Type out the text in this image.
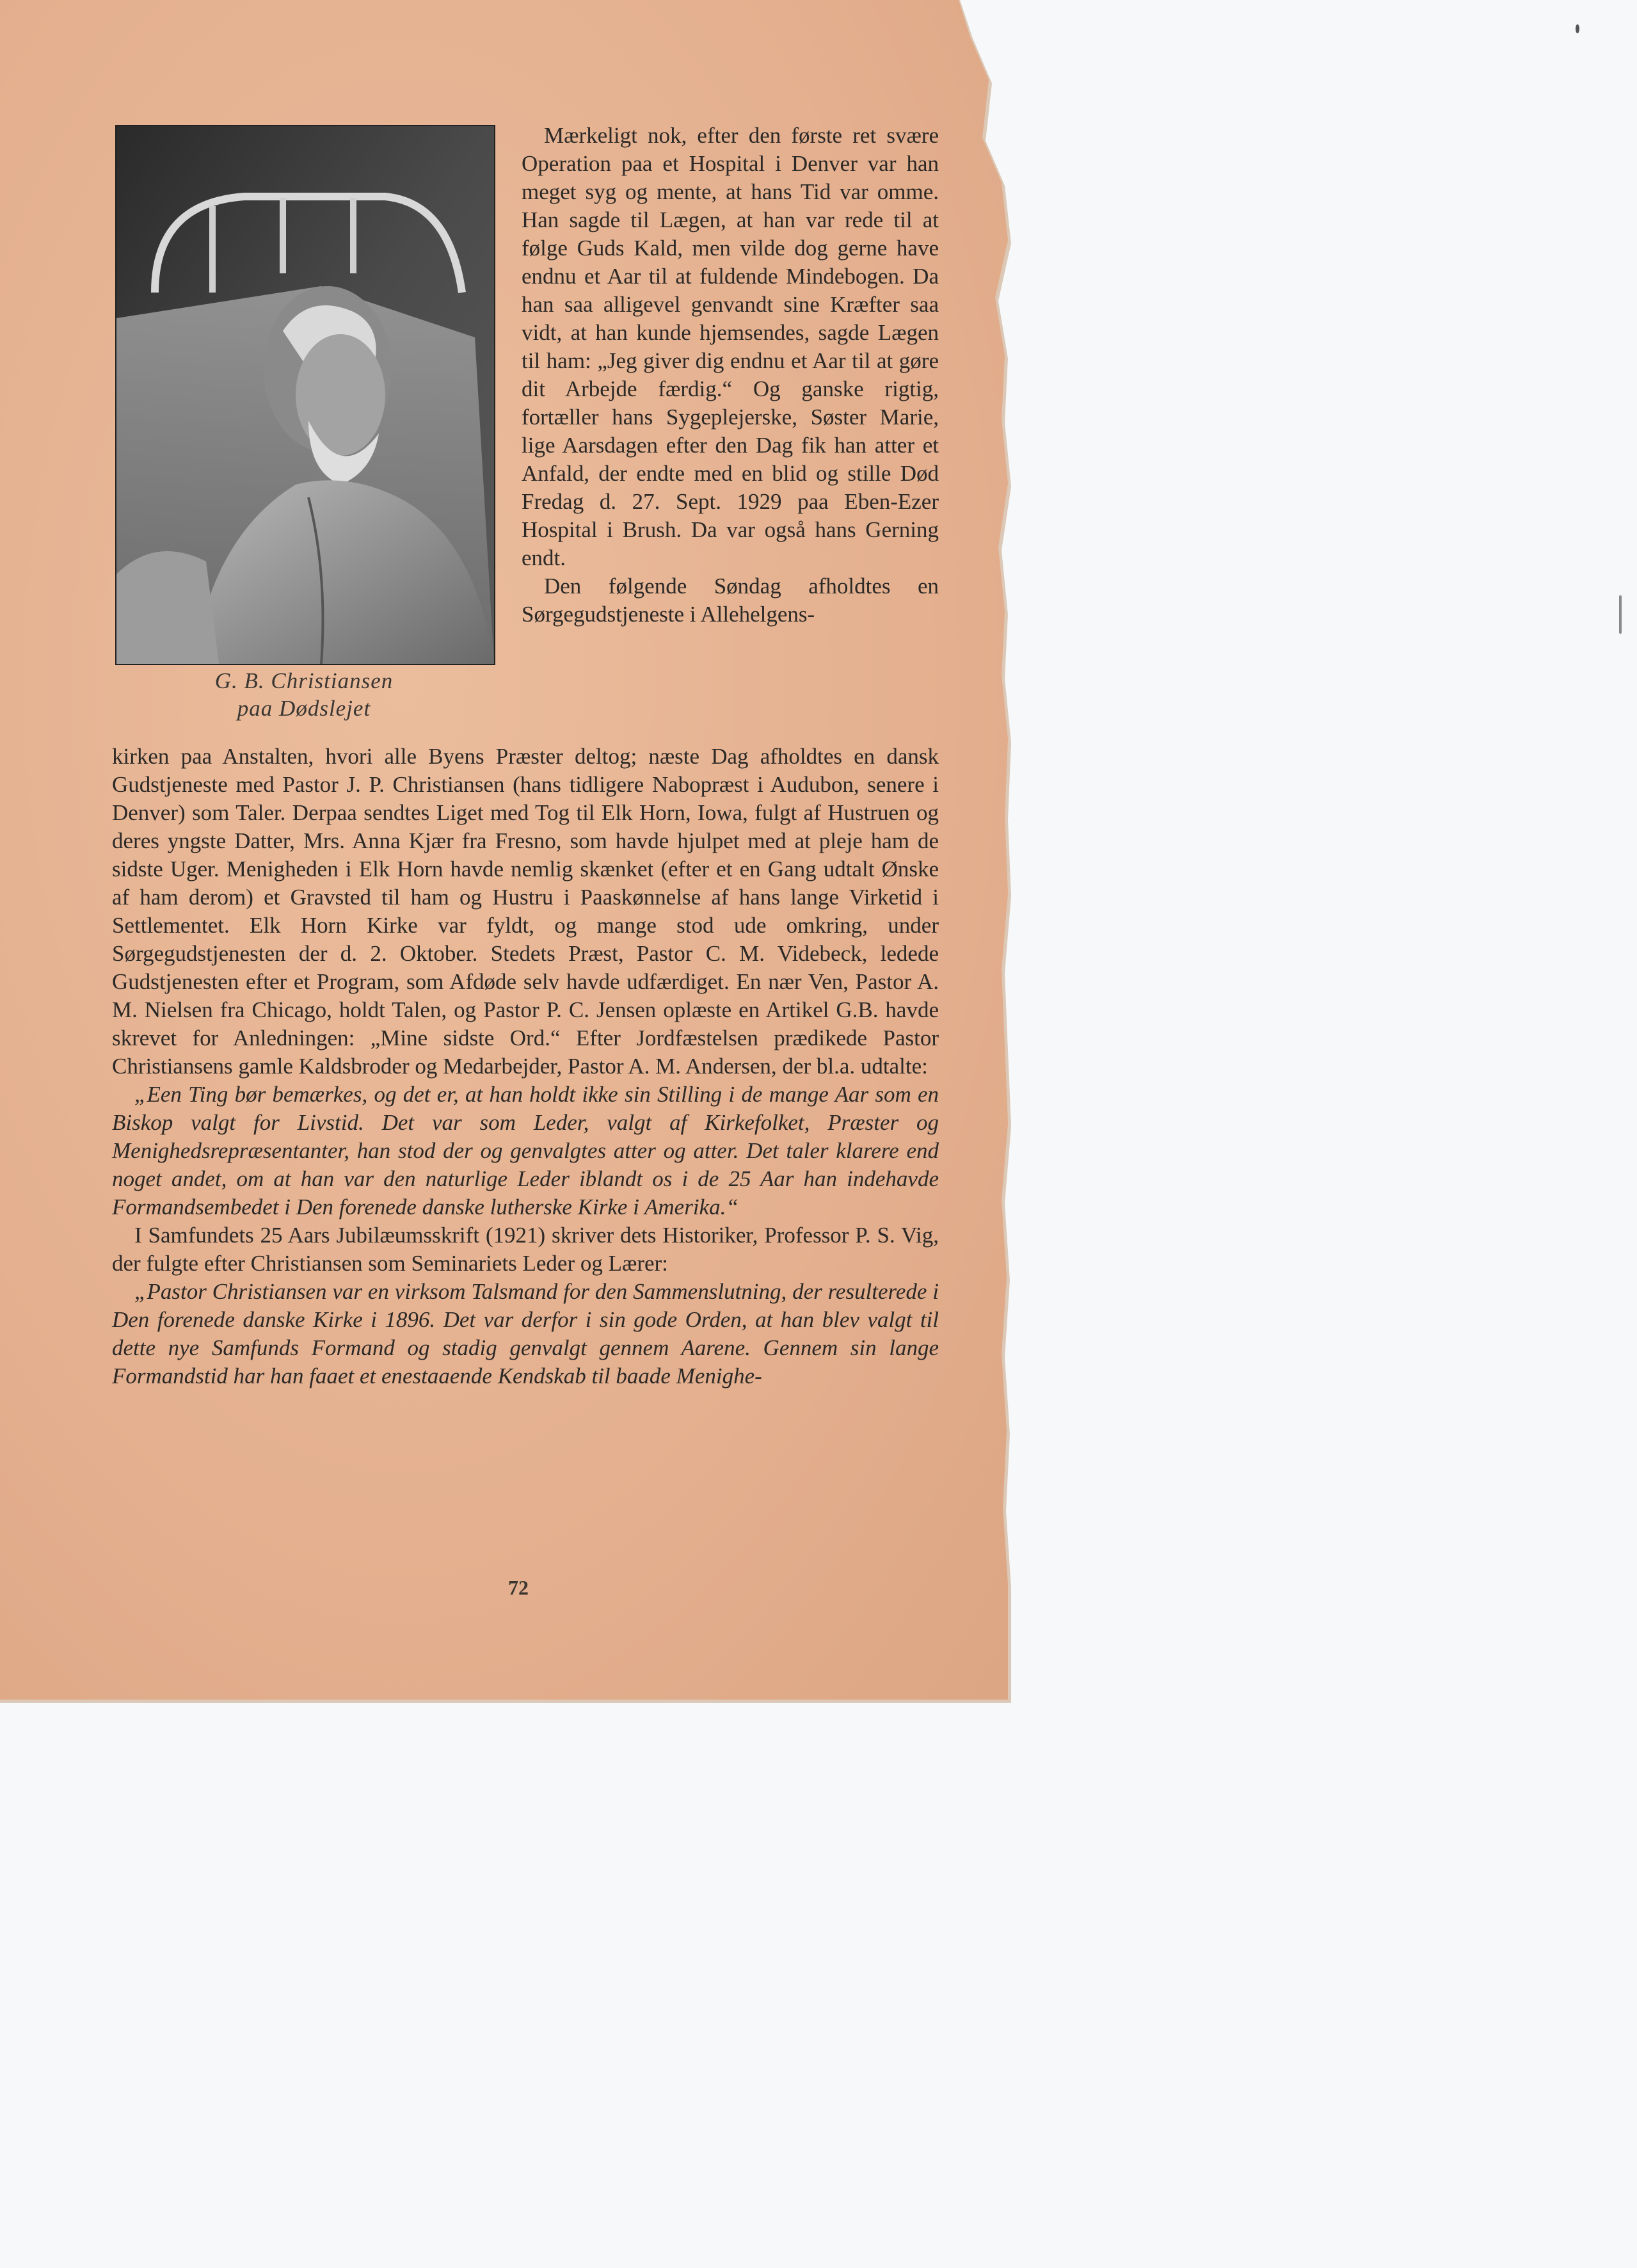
G. B. Christiansen
paa Dødslejet

Mærkeligt nok, efter den første ret svære Operation paa et Hospital i Denver var han meget syg og mente, at hans Tid var omme. Han sagde til Lægen, at han var rede til at følge Guds Kald, men vilde dog gerne have endnu et Aar til at fuldende Mindebogen. Da han saa alligevel genvandt sine Kræfter saa vidt, at han kunde hjemsendes, sagde Lægen til ham: „Jeg giver dig endnu et Aar til at gøre dit Arbejde færdig.“ Og ganske rigtig, fortæller hans Sygeplejerske, Søster Marie, lige Aarsdagen efter den Dag fik han atter et Anfald, der endte med en blid og stille Død Fredag d. 27. Sept. 1929 paa Eben-Ezer Hospital i Brush. Da var også hans Gerning endt.

Den følgende Søndag afholdtes en Sørgegudstjeneste i Allehelgens-

kirken paa Anstalten, hvori alle Byens Præster deltog; næste Dag afholdtes en dansk Gudstjeneste med Pastor J. P. Christiansen (hans tidligere Nabopræst i Audubon, senere i Denver) som Taler. Derpaa sendtes Liget med Tog til Elk Horn, Iowa, fulgt af Hustruen og deres yngste Datter, Mrs. Anna Kjær fra Fresno, som havde hjulpet med at pleje ham de sidste Uger. Menigheden i Elk Horn havde nemlig skænket (efter et en Gang udtalt Ønske af ham derom) et Gravsted til ham og Hustru i Paaskønnelse af hans lange Virketid i Settlementet. Elk Horn Kirke var fyldt, og mange stod ude omkring, under Sørgegudstjenesten der d. 2. Oktober. Stedets Præst, Pastor C. M. Videbeck, ledede Gudstjenesten efter et Program, som Afdøde selv havde udfærdiget. En nær Ven, Pastor A. M. Nielsen fra Chicago, holdt Talen, og Pastor P. C. Jensen oplæste en Artikel G.B. havde skrevet for Anledningen: „Mine sidste Ord.“ Efter Jordfæstelsen prædikede Pastor Christiansens gamle Kaldsbroder og Medarbejder, Pastor A. M. Andersen, der bl.a. udtalte:

„Een Ting bør bemærkes, og det er, at han holdt ikke sin Stilling i de mange Aar som en Biskop valgt for Livstid. Det var som Leder, valgt af Kirkefolket, Præster og Menighedsrepræsentanter, han stod der og genvalgtes atter og atter. Det taler klarere end noget andet, om at han var den naturlige Leder iblandt os i de 25 Aar han indehavde Formandsembedet i Den forenede danske lutherske Kirke i Amerika.“

I Samfundets 25 Aars Jubilæumsskrift (1921) skriver dets Historiker, Professor P. S. Vig, der fulgte efter Christiansen som Seminariets Leder og Lærer:

„Pastor Christiansen var en virksom Talsmand for den Sammenslutning, der resulterede i Den forenede danske Kirke i 1896. Det var derfor i sin gode Orden, at han blev valgt til dette nye Samfunds Formand og stadig genvalgt gennem Aarene. Gennem sin lange Formandstid har han faaet et enestaaende Kendskab til baade Menighe-

72
